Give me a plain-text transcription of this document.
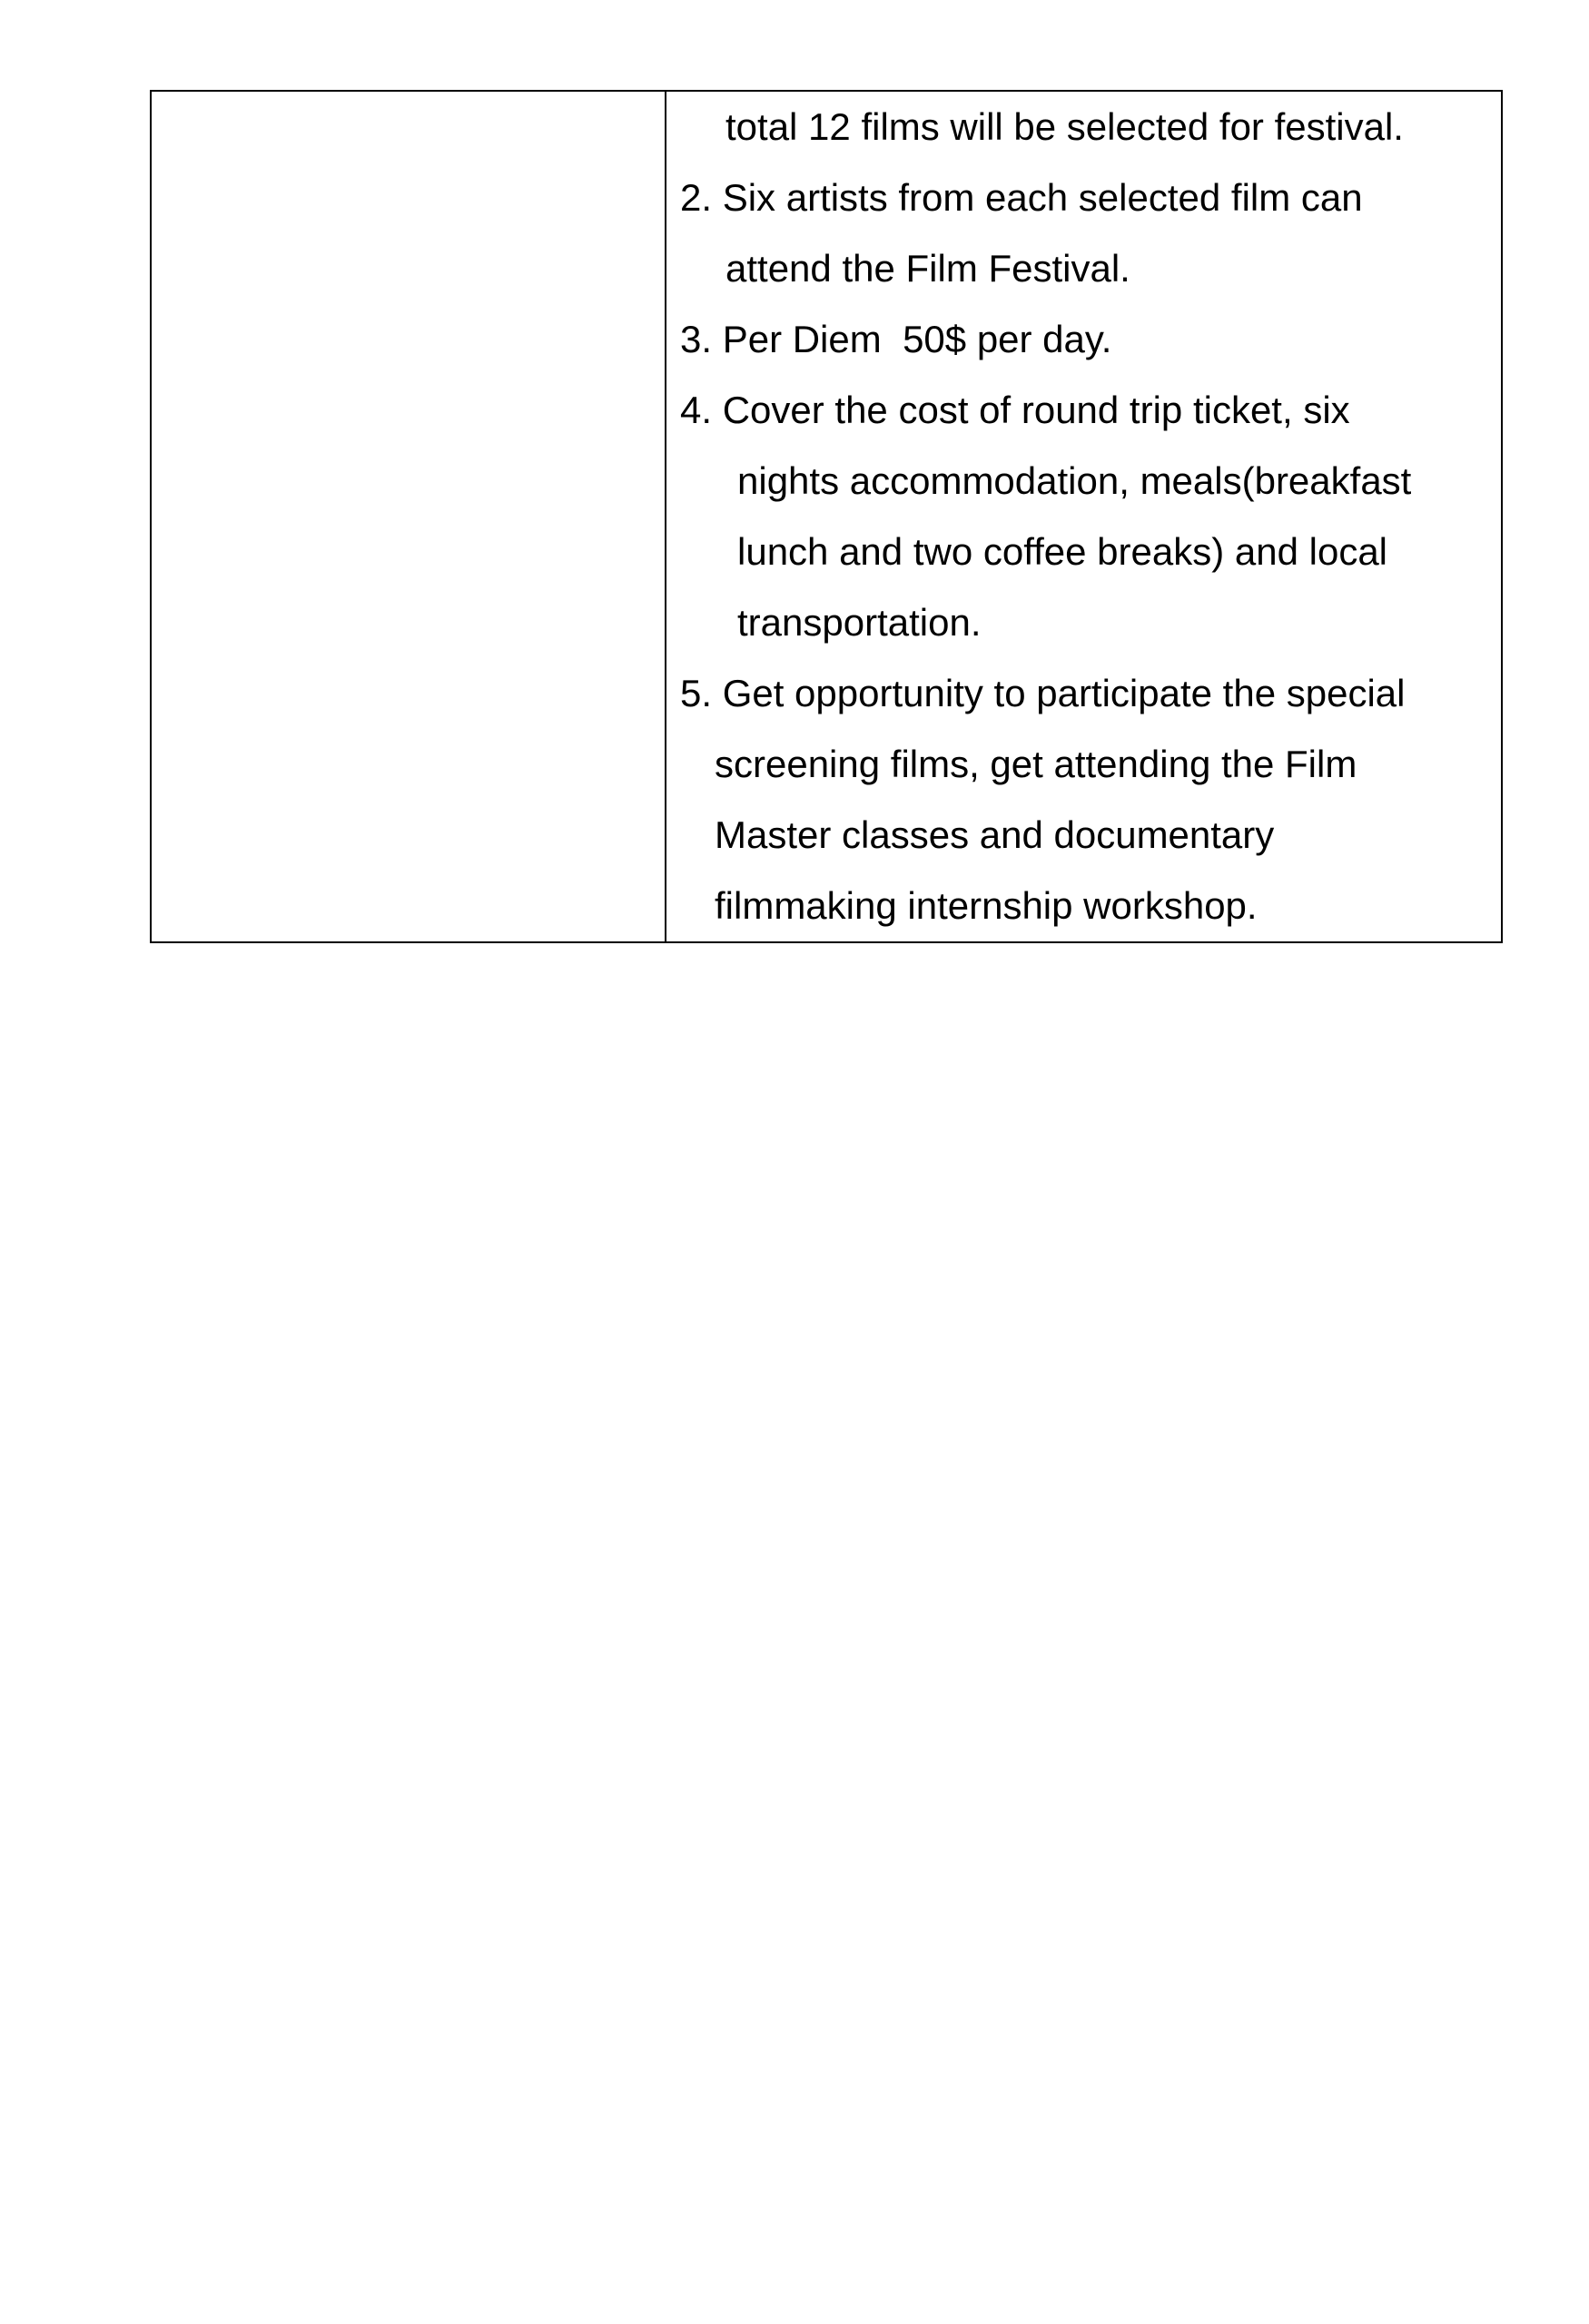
total 12 films will be selected for festival.
2. Six artists from each selected film can
attend the Film Festival.
3. Per Diem  50$ per day.
4. Cover the cost of round trip ticket, six
nights accommodation, meals(breakfast
lunch and two coffee breaks) and local
transportation.
5. Get opportunity to participate the special
screening films, get attending the Film
Master classes and documentary
filmmaking internship workshop.
